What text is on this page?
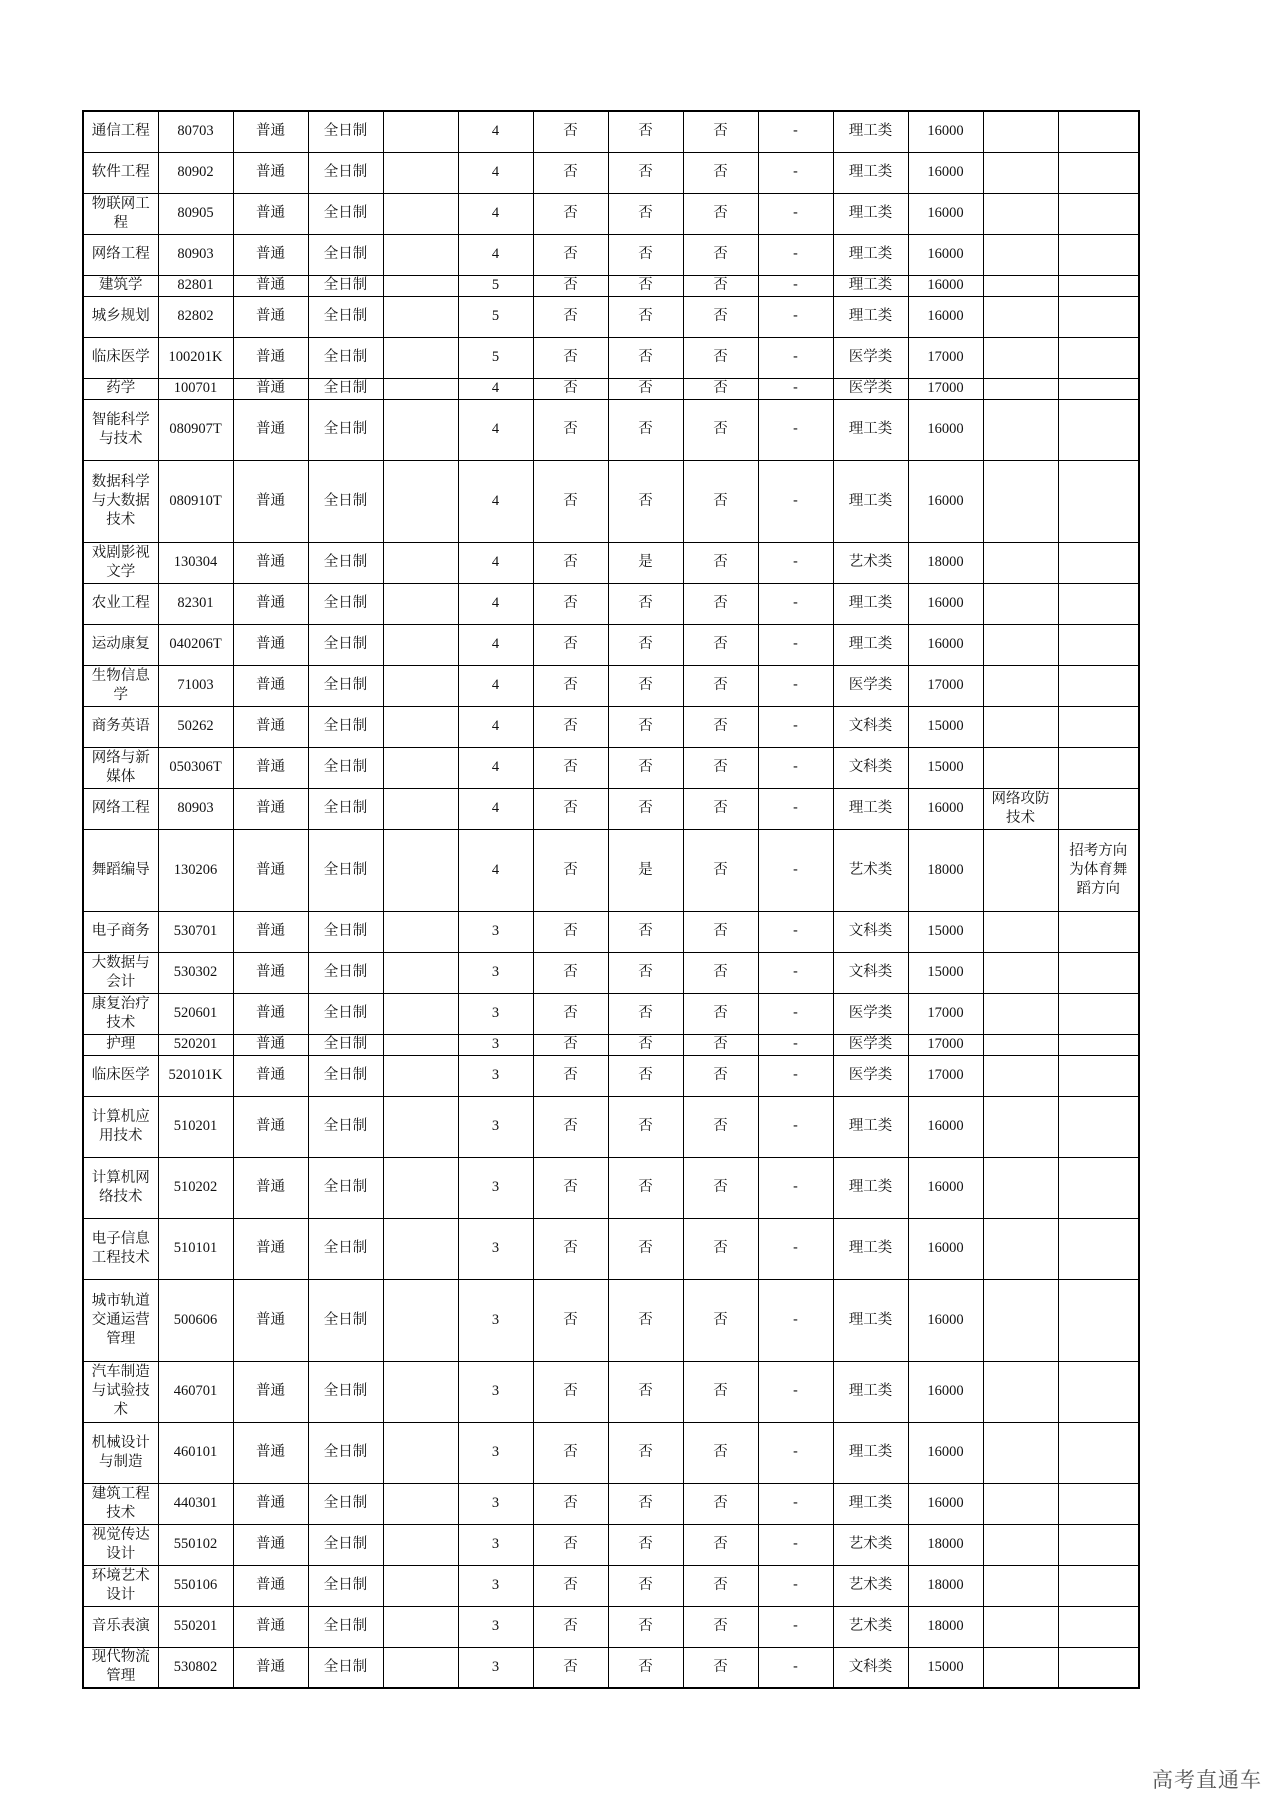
通信工程	80703	普通	全日制		4	否	否	否	-	理工类	16000		
软件工程	80902	普通	全日制		4	否	否	否	-	理工类	16000		
物联网工程	80905	普通	全日制		4	否	否	否	-	理工类	16000		
网络工程	80903	普通	全日制		4	否	否	否	-	理工类	16000		
建筑学	82801	普通	全日制		5	否	否	否	-	理工类	16000		
城乡规划	82802	普通	全日制		5	否	否	否	-	理工类	16000		
临床医学	100201K	普通	全日制		5	否	否	否	-	医学类	17000		
药学	100701	普通	全日制		4	否	否	否	-	医学类	17000		
智能科学与技术	080907T	普通	全日制		4	否	否	否	-	理工类	16000		
数据科学与大数据技术	080910T	普通	全日制		4	否	否	否	-	理工类	16000		
戏剧影视文学	130304	普通	全日制		4	否	是	否	-	艺术类	18000		
农业工程	82301	普通	全日制		4	否	否	否	-	理工类	16000		
运动康复	040206T	普通	全日制		4	否	否	否	-	理工类	16000		
生物信息学	71003	普通	全日制		4	否	否	否	-	医学类	17000		
商务英语	50262	普通	全日制		4	否	否	否	-	文科类	15000		
网络与新媒体	050306T	普通	全日制		4	否	否	否	-	文科类	15000		
网络工程	80903	普通	全日制		4	否	否	否	-	理工类	16000	网络攻防技术	
舞蹈编导	130206	普通	全日制		4	否	是	否	-	艺术类	18000		招考方向为体育舞蹈方向
电子商务	530701	普通	全日制		3	否	否	否	-	文科类	15000		
大数据与会计	530302	普通	全日制		3	否	否	否	-	文科类	15000		
康复治疗技术	520601	普通	全日制		3	否	否	否	-	医学类	17000		
护理	520201	普通	全日制		3	否	否	否	-	医学类	17000		
临床医学	520101K	普通	全日制		3	否	否	否	-	医学类	17000		
计算机应用技术	510201	普通	全日制		3	否	否	否	-	理工类	16000		
计算机网络技术	510202	普通	全日制		3	否	否	否	-	理工类	16000		
电子信息工程技术	510101	普通	全日制		3	否	否	否	-	理工类	16000		
城市轨道交通运营管理	500606	普通	全日制		3	否	否	否	-	理工类	16000		
汽车制造与试验技术	460701	普通	全日制		3	否	否	否	-	理工类	16000		
机械设计与制造	460101	普通	全日制		3	否	否	否	-	理工类	16000		
建筑工程技术	440301	普通	全日制		3	否	否	否	-	理工类	16000		
视觉传达设计	550102	普通	全日制		3	否	否	否	-	艺术类	18000		
环境艺术设计	550106	普通	全日制		3	否	否	否	-	艺术类	18000		
音乐表演	550201	普通	全日制		3	否	否	否	-	艺术类	18000		
现代物流管理	530802	普通	全日制		3	否	否	否	-	文科类	15000		
高考直通车
